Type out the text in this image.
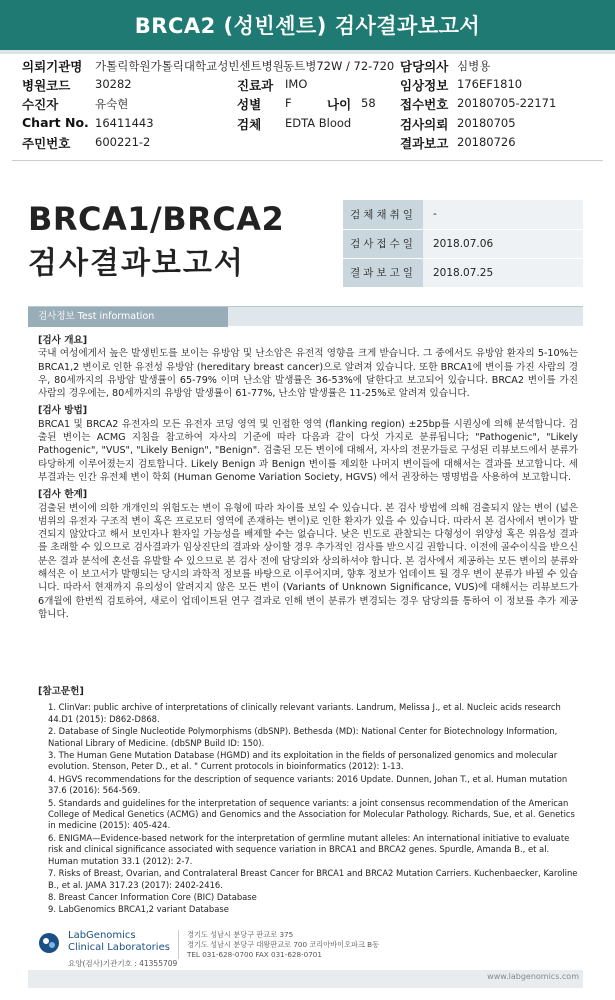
BRCA2 (성빈센트) 검사결과보고서
의뢰기관명 가톨릭학원가톨릭대학교성빈센트병원 동트병72W / 72-720
병원코드 30282
수진자	유숙현
Chart No. 16411443
주민번호 600221-2
진료과 IMO
성별 F	나이 58
검체 EDTA Blood
담당의사 심병용
임상정보 176EF1810
접수번호 20180705-22171
검사의뢰 20180705
결과보고 20180726
BRCA1/BRCA2
검사결과보고서
검체채취일	-
검사접수일	2018.07.06
결과보고일	2018.07.25
검사정보 Test information
[검사 개요]

국내 여성에게서 높은 발생빈도를 보이는 유방암 및 난소암은 유전적 영향을 크게 받습니다. 그 중에서도 유방암 환자의 5-10%는 BRCA1,2 변이로 인한 유전성 유방암 (hereditary breast cancer)으로 알려져 있습니다. 또한 BRCA1에 변이를 가진 사람의 경우, 80세까지의 유방암 발생률이 65-79% 이며 난소암 발생률은 36-53%에 달한다고 보고되어 있습니다. BRCA2 변이를 가진 사람의 경우에는, 80세까지의 유방암 발생률이 61-77%, 난소암 발생률은 11-25%로 알려져 있습니다.

[검사 방법]

BRCA1 및 BRCA2 유전자의 모든 유전자 코딩 영역 및 인접한 영역 (flanking region) ±25bp를 시퀀싱에 의해 분석합니다. 검출된 변이는 ACMG 지침을 참고하여 자사의 기준에 따라 다음과 같이 다섯 가지로 분류됩니다; "Pathogenic", "Likely Pathogenic", "VUS", "Likely Benign", "Benign". 검출된 모든 변이에 대해서, 자사의 전문가들로 구성된 리뷰보드에서 분류가 타당하게 이루어졌는지 검토합니다. Likely Benign 과 Benign 변이를 제외한 나머지 변이들에 대해서는 결과를 보고합니다. 세부결과는 인간 유전체 변이 학회 (Human Genome Variation Society, HGVS) 에서 권장하는 명명법을 사용하여 보고합니다.

[검사 한계]

검출된 변이에 의한 개개인의 위험도는 변이 유형에 따라 차이를 보일 수 있습니다. 본 검사 방법에 의해 검출되지 않는 변이 (넓은 범위의 유전자 구조적 변이 혹은 프로모터 영역에 존재하는 변이)로 인한 환자가 있을 수 있습니다. 따라서 본 검사에서 변이가 발견되지 않았다고 해서 보인자나 환자일 가능성을 배제할 수는 없습니다. 낮은 빈도로 관찰되는 다형성이 위양성 혹은 위음성 결과를 초래할 수 있으므로 검사결과가 임상진단의 결과와 상이할 경우 추가적인 검사를 받으시길 권합니다. 이전에 골수이식을 받으신 분은 결과 분석에 혼선을 유발할 수 있으므로 본 검사 전에 담당의와 상의하셔야 합니다. 본 검사에서 제공하는 모든 변이의 분류와 해석은 이 보고서가 발행되는 당시의 과학적 정보를 바탕으로 이루어지며, 향후 정보가 업데이트 될 경우 변이 분류가 바뀔 수 있습니다. 따라서 현재까지 유의성이 알려지지 않은 모든 변이 (Variants of Unknown Significance, VUS)에 대해서는 리뷰보드가 6개월에 한번씩 검토하여, 새로이 업데이트된 연구 결과로 인해 변이 분류가 변경되는 경우 담당의를 통하여 이 정보를 추가 제공합니다.

[참고문헌]
1. ClinVar: public archive of interpretations of clinically relevant variants. Landrum, Melissa J., et al. Nucleic acids research 44.D1 (2015): D862-D868.
2. Database of Single Nucleotide Polymorphisms (dbSNP). Bethesda (MD): National Center for Biotechnology Information, National Library of Medicine. (dbSNP Build ID: 150).
3. The Human Gene Mutation Database (HGMD) and its exploitation in the fields of personalized genomics and molecular evolution. Stenson, Peter D., et al. " Current protocols in bioinformatics (2012): 1-13.
4. HGVS recommendations for the description of sequence variants: 2016 Update. Dunnen, Johan T., et al. Human mutation 37.6 (2016): 564-569.
5. Standards and guidelines for the interpretation of sequence variants: a joint consensus recommendation of the American College of Medical Genetics (ACMG) and Genomics and the Association for Molecular Pathology. Richards, Sue, et al. Genetics in medicine (2015): 405-424.
6. ENIGMA—Evidence-based network for the interpretation of germline mutant alleles: An international initiative to evaluate risk and clinical significance associated with sequence variation in BRCA1 and BRCA2 genes. Spurdle, Amanda B., et al. Human mutation 33.1 (2012): 2-7.
7. Risks of Breast, Ovarian, and Contralateral Breast Cancer for BRCA1 and BRCA2 Mutation Carriers. Kuchenbaecker, Karoline B., et al. JAMA 317.23 (2017): 2402-2416.
8. Breast Cancer Information Core (BIC) Database
9. LabGenomics BRCA1,2 variant Database
LabGenomics
Clinical Laboratories
요양(검사)기관기호 : 41355709
경기도 성남시 분당구 판교로 375
경기도 성남시 분당구 대왕판교로 700 코리아바이오파크 B동
TEL 031-628-0700 FAX 031-628-0701
www.labgenomics.com
